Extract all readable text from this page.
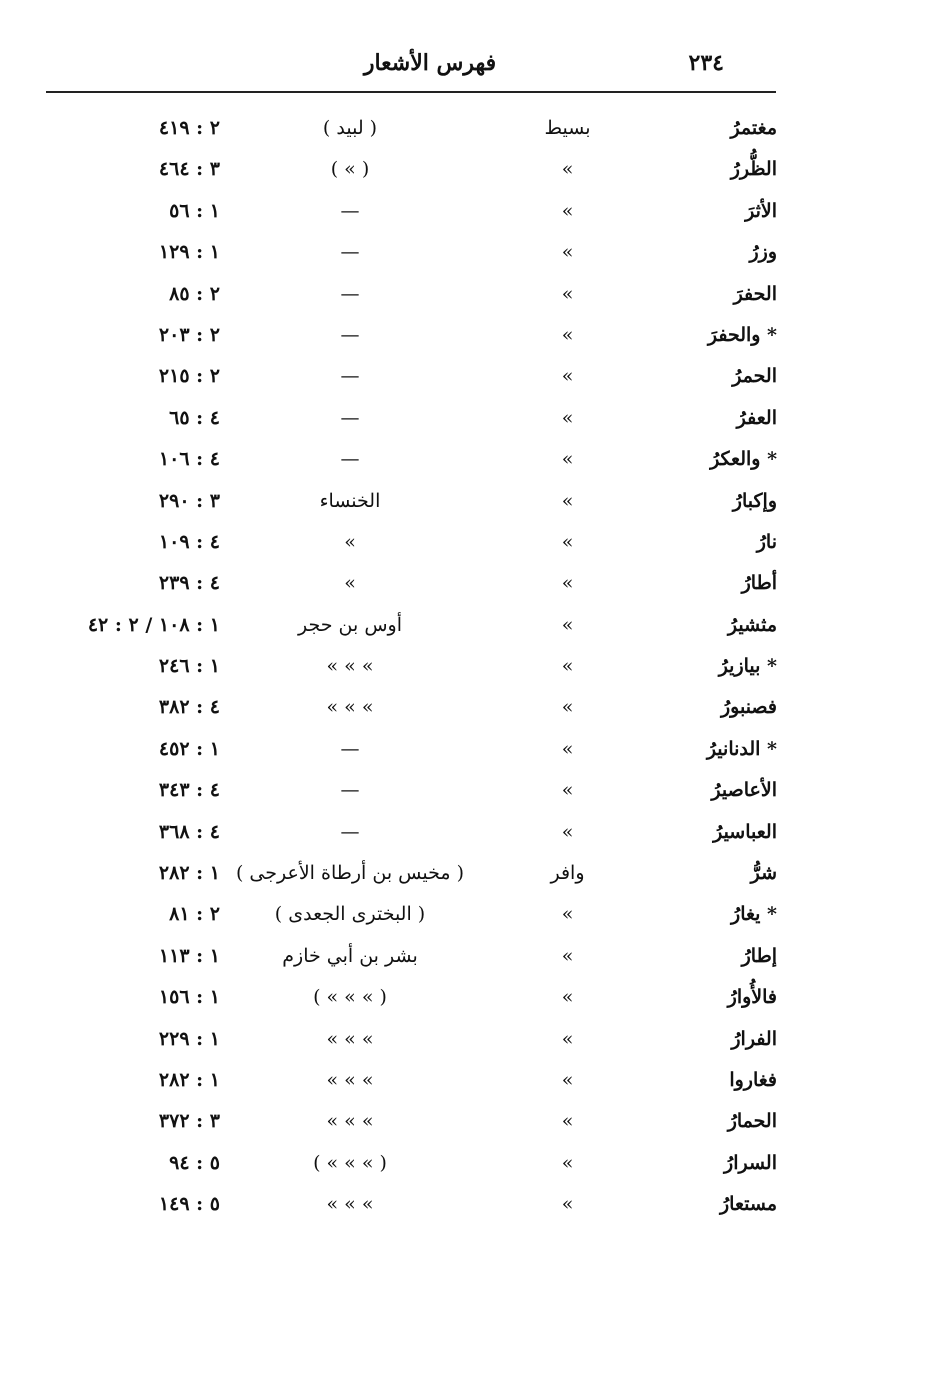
٢٣٤
فهرس الأشعار
مغتمرُ
بسيط
( لبيد )
٢ : ٤١٩
الظُّررُ
»
( » )
٣ : ٤٦٤
الأثرَ
»
—
١ : ٥٦
وزرُ
»
—
١ : ١٢٩
الحفرَ
»
—
٢ : ٨٥
* والحفرَ
»
—
٢ : ٢٠٣
الحمرُ
»
—
٢ : ٢١٥
العفرُ
»
—
٤ : ٦٥
* والعكرُ
»
—
٤ : ١٠٦
وإكبارُ
»
الخنساء
٣ : ٢٩٠
نارُ
»
»
٤ : ١٠٩
أطارُ
»
»
٤ : ٢٣٩
مثشيرُ
»
أوس بن حجر
١ : ١٠٨ / ٢ : ٤٢
* بيازيرُ
»
» » »
١ : ٢٤٦
فصنبورُ
»
» » »
٤ : ٣٨٢
* الدنانيرُ
»
—
١ : ٤٥٢
الأعاصيرُ
»
—
٤ : ٣٤٣
العباسيرُ
»
—
٤ : ٣٦٨
شرُّ
وافر
( مخيس بن أرطاة الأعرجى )
١ : ٢٨٢
* يغارُ
»
( البخترى الجعدى )
٢ : ٨١
إطارُ
»
بشر بن أبي خازم
١ : ١١٣
فالأُوارُ
»
( » » » )
١ : ١٥٦
الفرارُ
»
» » »
١ : ٢٢٩
فغاروا
»
» » »
١ : ٢٨٢
الحمارُ
»
» » »
٣ : ٣٧٢
السرارُ
»
( » » » )
٥ : ٩٤
مستعارُ
»
» » »
٥ : ١٤٩
